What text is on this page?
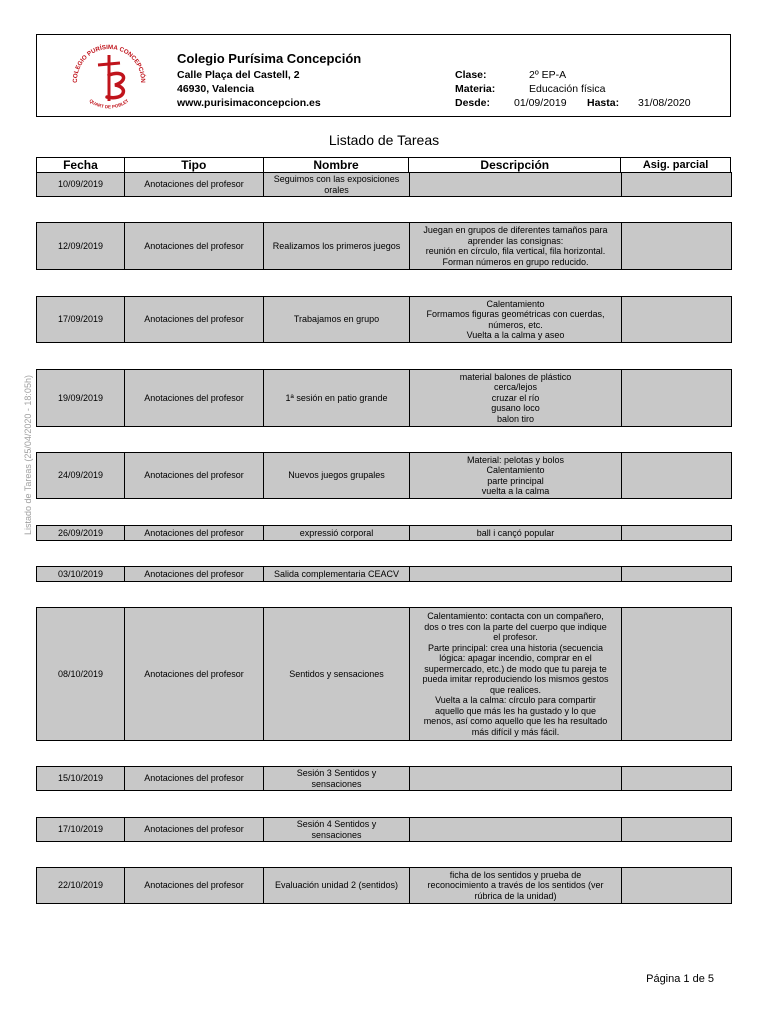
COLEGIO PURÍSIMA CONCEPCIÓN
QUART DE POBLET
Colegio Purísima Concepción
Calle Plaça del Castell, 2
46930, Valencia
www.purisimaconcepcion.es
Clase:	2º EP-A
Materia:	Educación física
Desde: 01/09/2019 Hasta: 31/08/2020
Listado de Tareas
Fecha	Tipo	Nombre	Descripción	Asig. parcial
10/09/2019	Anotaciones del profesor	Seguimos con las exposiciones
orales		
12/09/2019	Anotaciones del profesor	Realizamos los primeros juegos	Juegan en grupos de diferentes tamaños para
aprender las consignas:
reunión en círculo, fila vertical, fila horizontal.
Forman números en grupo reducido.	
17/09/2019	Anotaciones del profesor	Trabajamos en grupo	Calentamiento
Formamos figuras geométricas con cuerdas,
números, etc.
Vuelta a la calma y aseo	
19/09/2019	Anotaciones del profesor	1ª sesión en patio grande	material balones de plástico
cerca/lejos
cruzar el río
gusano loco
balon tiro	
24/09/2019	Anotaciones del profesor	Nuevos juegos grupales	Material: pelotas y bolos
Calentamiento
parte principal
vuelta a la calma	
26/09/2019	Anotaciones del profesor	expressió corporal	ball i cançó popular	
03/10/2019	Anotaciones del profesor	Salida complementaria CEACV		
08/10/2019	Anotaciones del profesor	Sentidos y sensaciones	Calentamiento: contacta con un compañero,
dos o tres con la parte del cuerpo que indique
el profesor.
Parte principal: crea una historia (secuencia
lógica: apagar incendio, comprar en el
supermercado, etc.) de modo que tu pareja te
pueda imitar reproduciendo los mismos gestos
que realices.
Vuelta a la calma: círculo para compartir
aquello que más les ha gustado y lo que
menos, así como aquello que les ha resultado
más difícil y más fácil.	
15/10/2019	Anotaciones del profesor	Sesión 3 Sentidos y
sensaciones		
17/10/2019	Anotaciones del profesor	Sesión 4 Sentidos y
sensaciones		
22/10/2019	Anotaciones del profesor	Evaluación unidad 2 (sentidos)	ficha de los sentidos y prueba de
reconocimiento a través de los sentidos (ver
rúbrica de la unidad)	
Listado de Tareas (25/04/2020 - 18:05h)
Página 1 de 5
